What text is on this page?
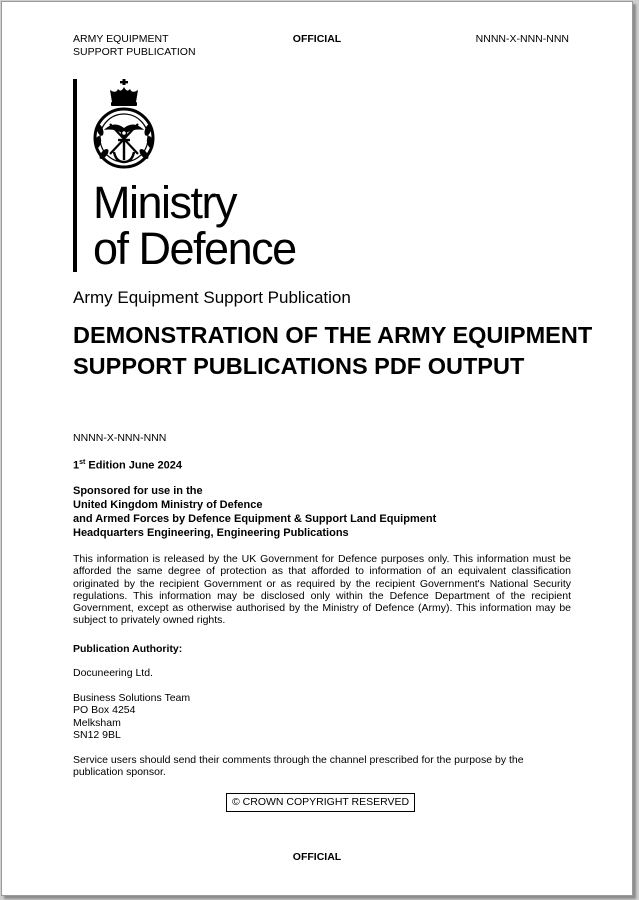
ARMY EQUIPMENT
SUPPORT PUBLICATION
OFFICIAL	NNNN-X-NNN-NNN
Ministry
of Defence
Army Equipment Support Publication
DEMONSTRATION OF THE ARMY EQUIPMENT SUPPORT PUBLICATIONS PDF OUTPUT
NNNN-X-NNN-NNN
1st Edition June 2024
Sponsored for use in the
United Kingdom Ministry of Defence
and Armed Forces by Defence Equipment & Support Land Equipment
Headquarters Engineering, Engineering Publications
This information is released by the UK Government for Defence purposes only. This information must be afforded the same degree of protection as that afforded to information of an equivalent classification originated by the recipient Government or as required by the recipient Government's National Security regulations. This information may be disclosed only within the Defence Department of the recipient Government, except as otherwise authorised by the Ministry of Defence (Army). This information may be subject to privately owned rights.
Publication Authority:
Docuneering Ltd.
Business Solutions Team
PO Box 4254
Melksham
SN12 9BL
Service users should send their comments through the channel prescribed for the purpose by the publication sponsor.
© CROWN COPYRIGHT RESERVED
OFFICIAL
